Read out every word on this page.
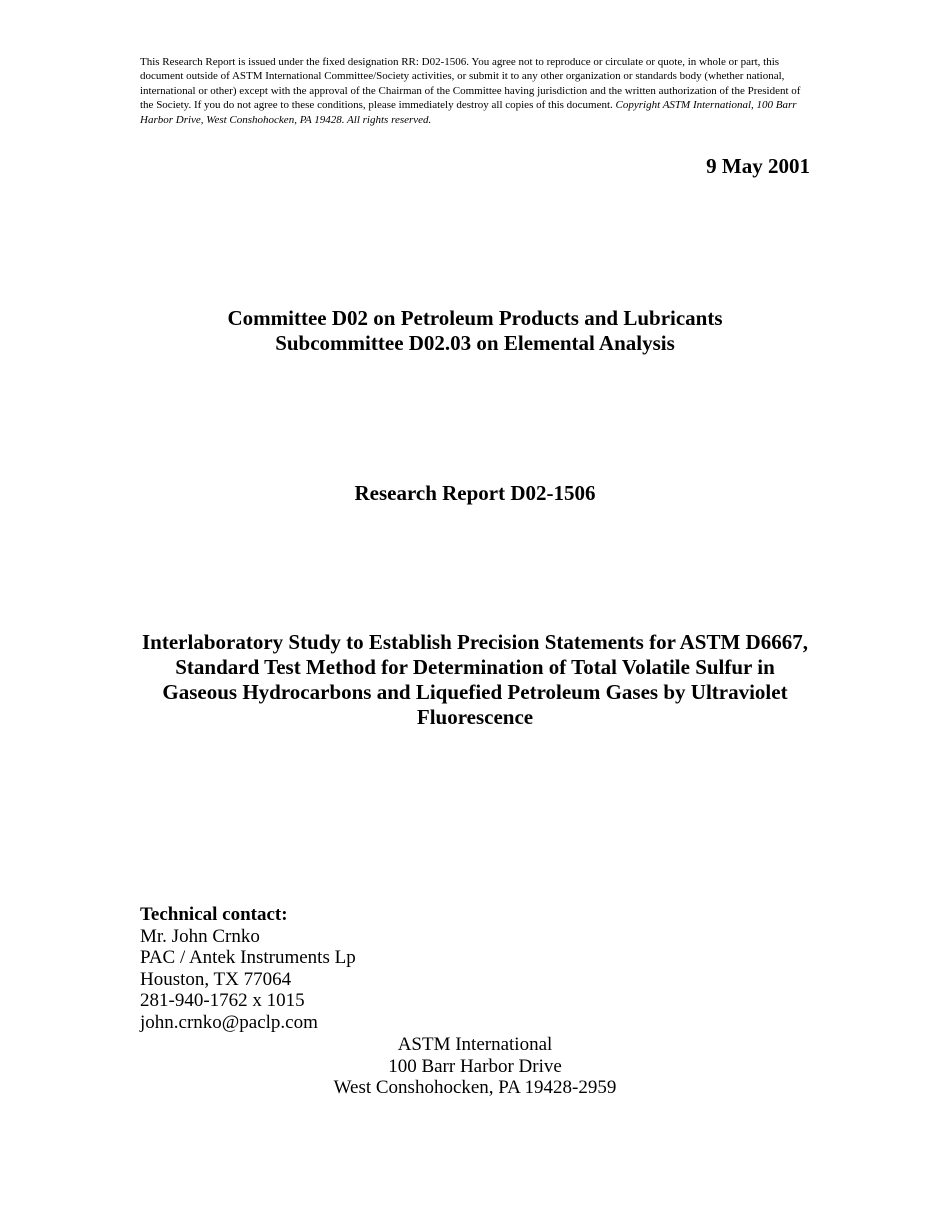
This Research Report is issued under the fixed designation RR: D02-1506. You agree not to reproduce or circulate or quote, in whole or part, this document outside of ASTM International Committee/Society activities, or submit it to any other organization or standards body (whether national, international or other) except with the approval of the Chairman of the Committee having jurisdiction and the written authorization of the President of the Society. If you do not agree to these conditions, please immediately destroy all copies of this document. Copyright ASTM International, 100 Barr Harbor Drive, West Conshohocken, PA 19428. All rights reserved.
9 May 2001
Committee D02 on Petroleum Products and Lubricants
Subcommittee D02.03 on Elemental Analysis
Research Report D02-1506
Interlaboratory Study to Establish Precision Statements for ASTM D6667, Standard Test Method for Determination of Total Volatile Sulfur in Gaseous Hydrocarbons and Liquefied Petroleum Gases by Ultraviolet Fluorescence
Technical contact:
Mr. John Crnko
PAC / Antek Instruments Lp
Houston, TX 77064
281-940-1762 x 1015
john.crnko@paclp.com
ASTM International
100 Barr Harbor Drive
West Conshohocken, PA 19428-2959
